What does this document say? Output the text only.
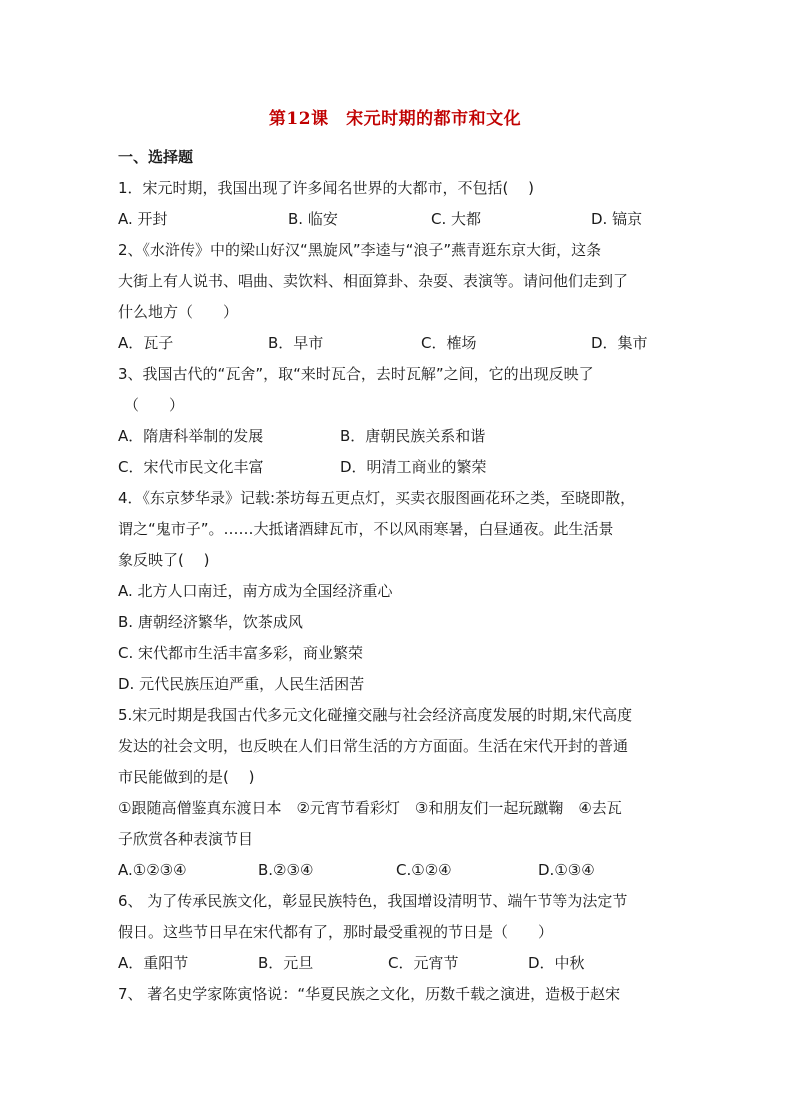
第12课　宋元时期的都市和文化
一、选择题
1．宋元时期，我国出现了许多闻名世界的大都市，不包括(　 )
A. 开封	B. 临安	C. 大都	D. 镐京
2、《水浒传》中的梁山好汉“黑旋风”李逵与“浪子”燕青逛东京大街，这条
大街上有人说书、唱曲、卖饮料、相面算卦、杂耍、表演等。请问他们走到了
什么地方（　　）
A．瓦子	B．早市	C．榷场	D．集市
3、我国古代的“瓦舍”，取“来时瓦合，去时瓦解”之间，它的出现反映了
（　　）
A．隋唐科举制的发展	B．唐朝民族关系和谐
C．宋代市民文化丰富	D．明清工商业的繁荣
4．《东京梦华录》记载:茶坊每五更点灯，买卖衣服图画花环之类，至晓即散，
谓之“鬼市子”。……大抵诸酒肆瓦市，不以风雨寒暑，白昼通夜。此生活景
象反映了(　 )
A. 北方人口南迁，南方成为全国经济重心
B. 唐朝经济繁华，饮茶成风
C. 宋代都市生活丰富多彩，商业繁荣
D. 元代民族压迫严重，人民生活困苦
5.宋元时期是我国古代多元文化碰撞交融与社会经济高度发展的时期,宋代高度
发达的社会文明，也反映在人们日常生活的方方面面。生活在宋代开封的普通
市民能做到的是(　 )
①跟随高僧鉴真东渡日本　②元宵节看彩灯　③和朋友们一起玩蹴鞠　④去瓦
子欣赏各种表演节目
A.①②③④	B.②③④	C.①②④	D.①③④
6、 为了传承民族文化，彰显民族特色，我国增设清明节、端午节等为法定节
假日。这些节日早在宋代都有了，那时最受重视的节日是（　　）
A．重阳节	B．元旦	C．元宵节	D．中秋
7、 著名史学家陈寅恪说：“华夏民族之文化，历数千载之演进，造极于赵宋
